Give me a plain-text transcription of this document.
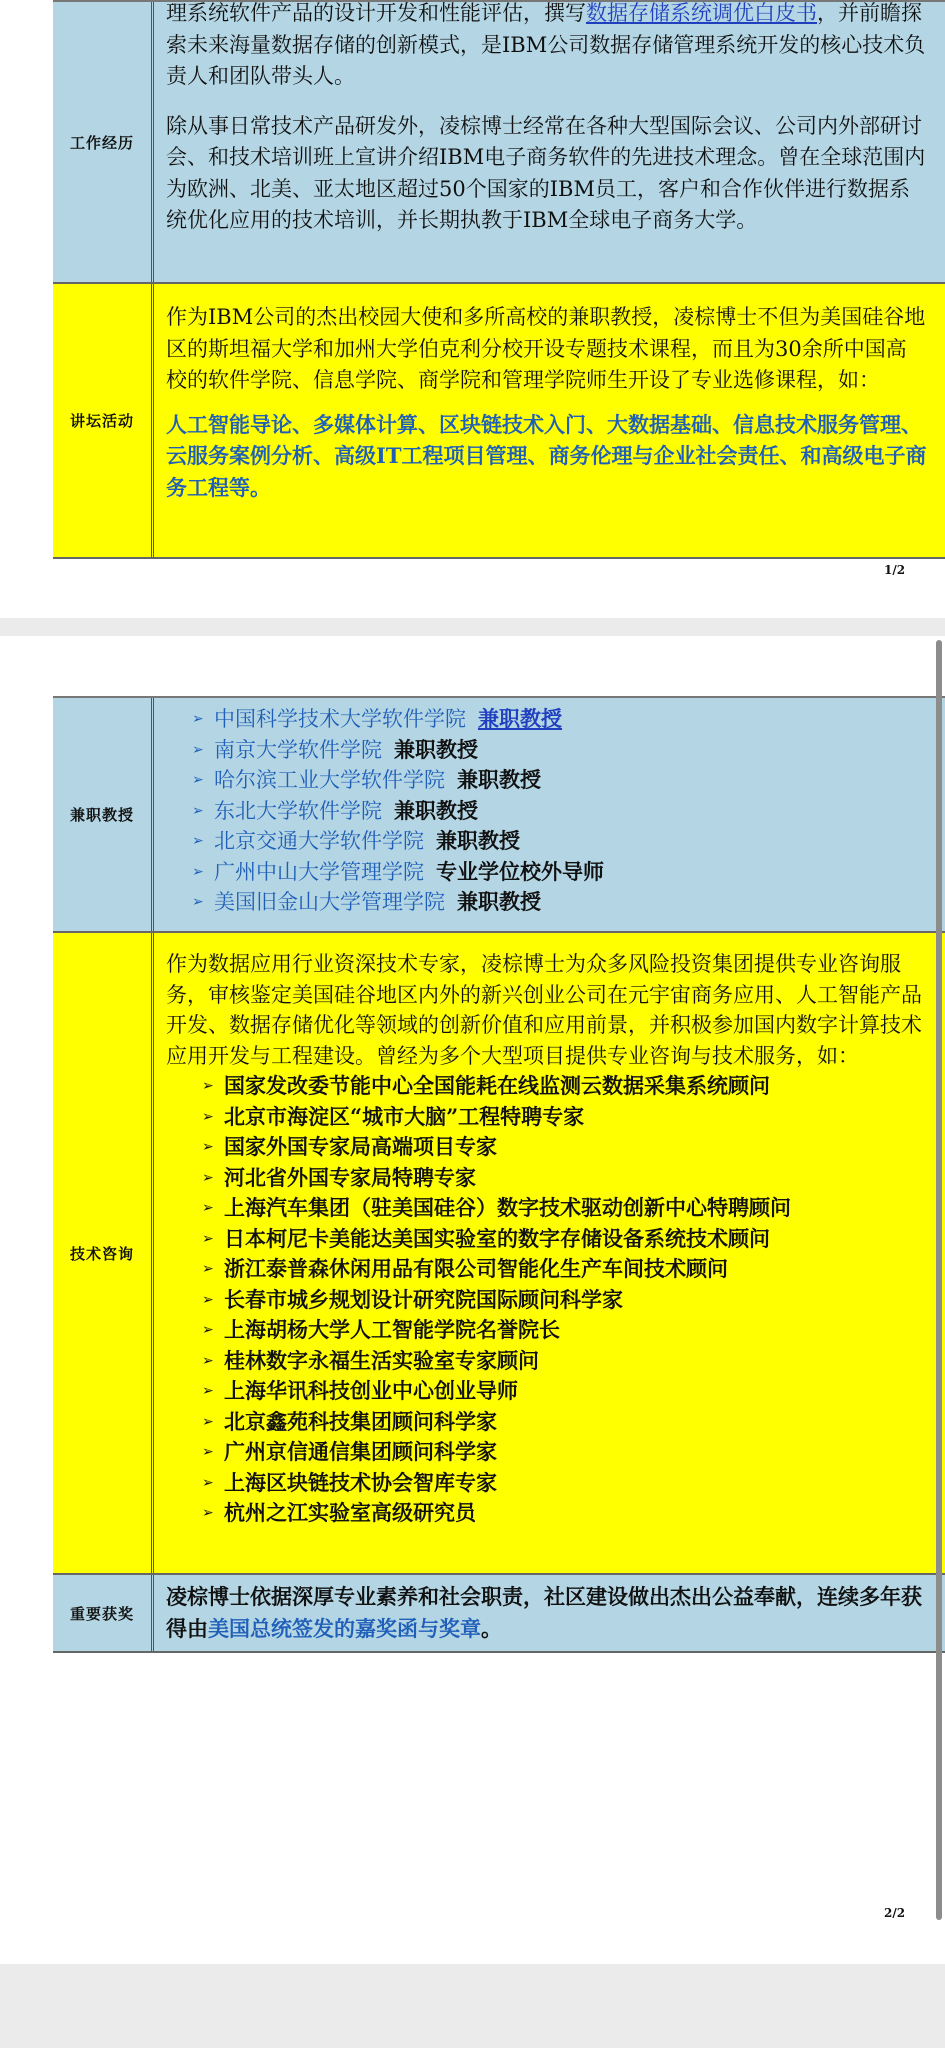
工作经历
理系统软件产品的设计开发和性能评估，撰写数据存储系统调优白皮书，并前瞻探索未来海量数据存储的创新模式，是IBM公司数据存储管理系统开发的核心技术负责人和团队带头人。
除从事日常技术产品研发外，凌棕博士经常在各种大型国际会议、公司内外部研讨会、和技术培训班上宣讲介绍IBM电子商务软件的先进技术理念。曾在全球范围内为欧洲、北美、亚太地区超过50个国家的IBM员工，客户和合作伙伴进行数据系统优化应用的技术培训，并长期执教于IBM全球电子商务大学。
讲坛活动
作为IBM公司的杰出校园大使和多所高校的兼职教授，凌棕博士不但为美国硅谷地区的斯坦福大学和加州大学伯克利分校开设专题技术课程，而且为30余所中国高校的软件学院、信息学院、商学院和管理学院师生开设了专业选修课程，如：
人工智能导论、多媒体计算、区块链技术入门、大数据基础、信息技术服务管理、云服务案例分析、高级IT工程项目管理、商务伦理与企业社会责任、和高级电子商务工程等。
1/2
兼职教授
➢ 中国科学技术大学软件学院 兼职教授
➢ 南京大学软件学院 兼职教授
➢ 哈尔滨工业大学软件学院 兼职教授
➢ 东北大学软件学院 兼职教授
➢ 北京交通大学软件学院 兼职教授
➢ 广州中山大学管理学院 专业学位校外导师
➢ 美国旧金山大学管理学院 兼职教授
技术咨询
作为数据应用行业资深技术专家，凌棕博士为众多风险投资集团提供专业咨询服务，审核鉴定美国硅谷地区内外的新兴创业公司在元宇宙商务应用、人工智能产品开发、数据存储优化等领域的创新价值和应用前景，并积极参加国内数字计算技术应用开发与工程建设。曾经为多个大型项目提供专业咨询与技术服务，如：
➢ 国家发改委节能中心全国能耗在线监测云数据采集系统顾问
➢ 北京市海淀区“城市大脑”工程特聘专家
➢ 国家外国专家局高端项目专家
➢ 河北省外国专家局特聘专家
➢ 上海汽车集团（驻美国硅谷）数字技术驱动创新中心特聘顾问
➢ 日本柯尼卡美能达美国实验室的数字存储设备系统技术顾问
➢ 浙江泰普森休闲用品有限公司智能化生产车间技术顾问
➢ 长春市城乡规划设计研究院国际顾问科学家
➢ 上海胡杨大学人工智能学院名誉院长
➢ 桂林数字永福生活实验室专家顾问
➢ 上海华讯科技创业中心创业导师
➢ 北京鑫苑科技集团顾问科学家
➢ 广州京信通信集团顾问科学家
➢ 上海区块链技术协会智库专家
➢ 杭州之江实验室高级研究员
重要获奖
凌棕博士依据深厚专业素养和社会职责，社区建设做出杰出公益奉献，连续多年获得由美国总统签发的嘉奖函与奖章。
2/2
